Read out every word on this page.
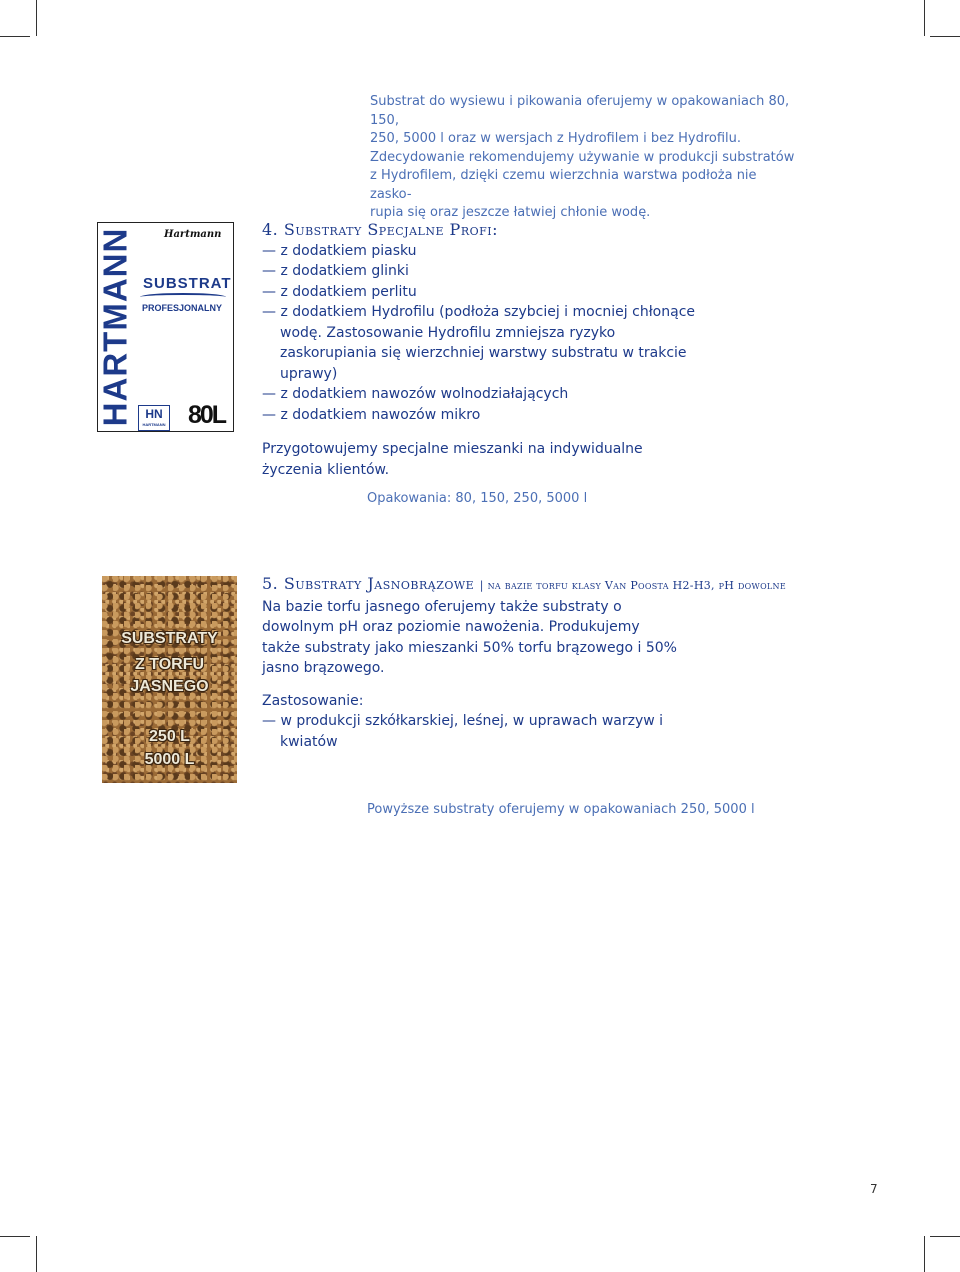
Substrat do wysiewu i pikowania oferujemy w opakowaniach 80, 150,

250, 5000 l oraz w wersjach z Hydrofilem i bez Hydrofilu.

Zdecydowanie rekomendujemy używanie w produkcji substratów

z Hydrofilem, dzięki czemu wierzchnia warstwa podłoża nie zasko-

rupia się oraz jeszcze łatwiej chłonie wodę.

HARTMANN	Hartmann
SUBSTRAT
PROFESJONALNY
HN
HARTMANN 80L
4. Substraty Specjalne Profi:

— z dodatkiem piasku

— z dodatkiem glinki

— z dodatkiem perlitu

— z dodatkiem Hydrofilu (podłoża szybciej i mocniej chłonące wodę. Zastosowanie Hydrofilu zmniejsza ryzyko zaskorupiania się wierzchniej warstwy substratu w trakcie uprawy)

— z dodatkiem nawozów wolnodziałających

— z dodatkiem nawozów mikro

Przygotowujemy specjalne mieszanki na indywidualne życzenia klientów.

Opakowania: 80, 150, 250, 5000 l
SUBSTRATY
Z TORFU
JASNEGO
250 L
5000 L
5. Substraty Jasnobrązowe | na bazie torfu klasy Van Poosta H2-H3, pH dowolne

Na bazie torfu jasnego oferujemy także substraty o dowolnym pH oraz poziomie nawożenia. Produkujemy także substraty jako mieszanki 50% torfu brązowego i 50% jasno brązowego.

Zastosowanie:

— w produkcji szkółkarskiej, leśnej, w uprawach warzyw i kwiatów

Powyższe substraty oferujemy w opakowaniach 250, 5000 l
7
